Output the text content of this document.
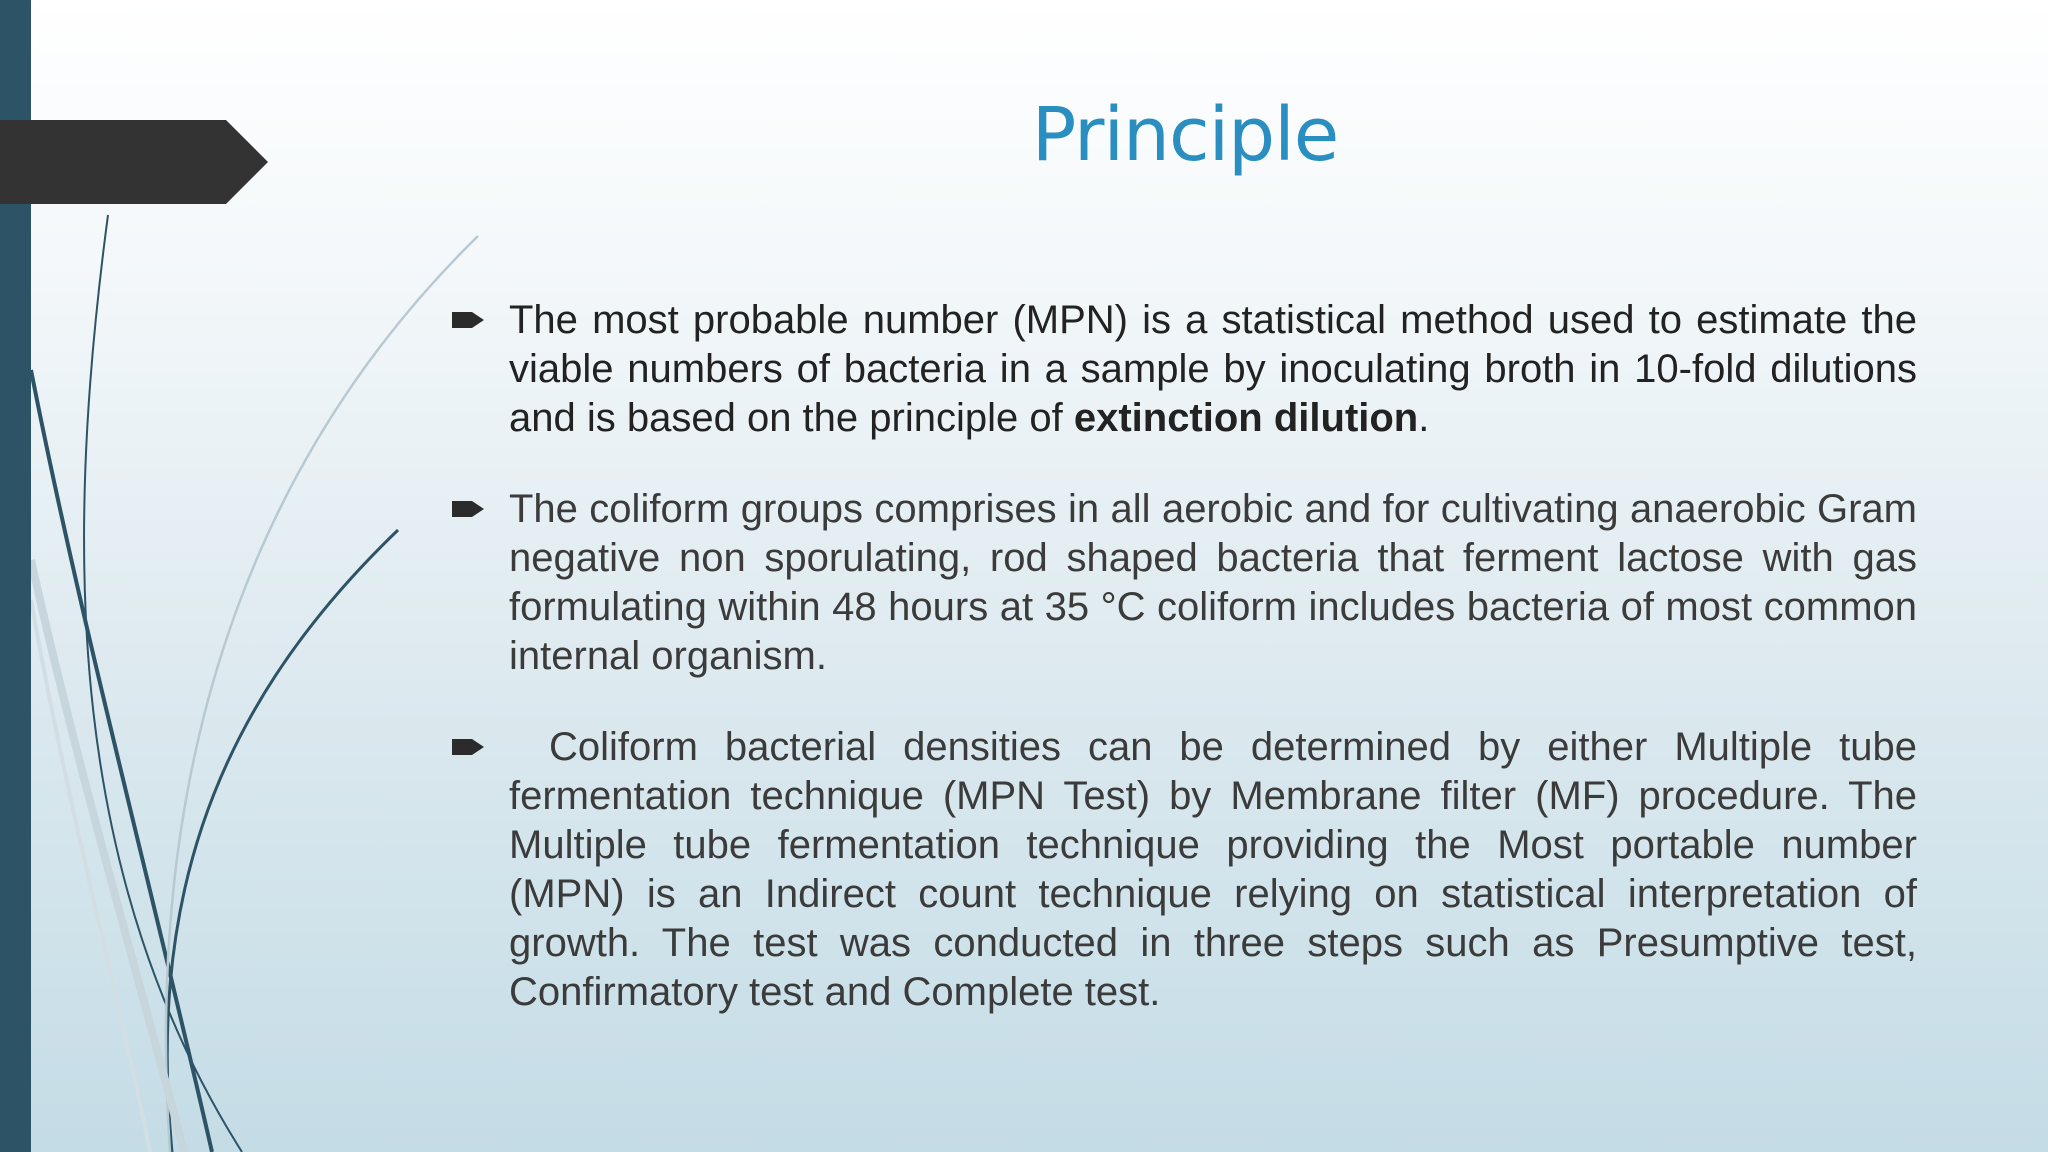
Principle

The most probable number (MPN) is a statistical method used to estimate the viable numbers of bacteria in a sample by inoculating broth in 10-fold dilutions and is based on the principle of extinction dilution.

The coliform groups comprises in all aerobic and for cultivating anaerobic Gram negative non sporulating, rod shaped bacteria that ferment lactose with gas formulating within 48 hours at 35 °C coliform includes bacteria of most common internal organism.

Coliform bacterial densities can be determined by either Multiple tube fermentation technique (MPN Test) by Membrane filter (MF) procedure. The Multiple tube fermentation technique providing the Most portable number (MPN) is an Indirect count technique relying on statistical interpretation of growth. The test was conducted in three steps such as Presumptive test, Confirmatory test and Complete test.
